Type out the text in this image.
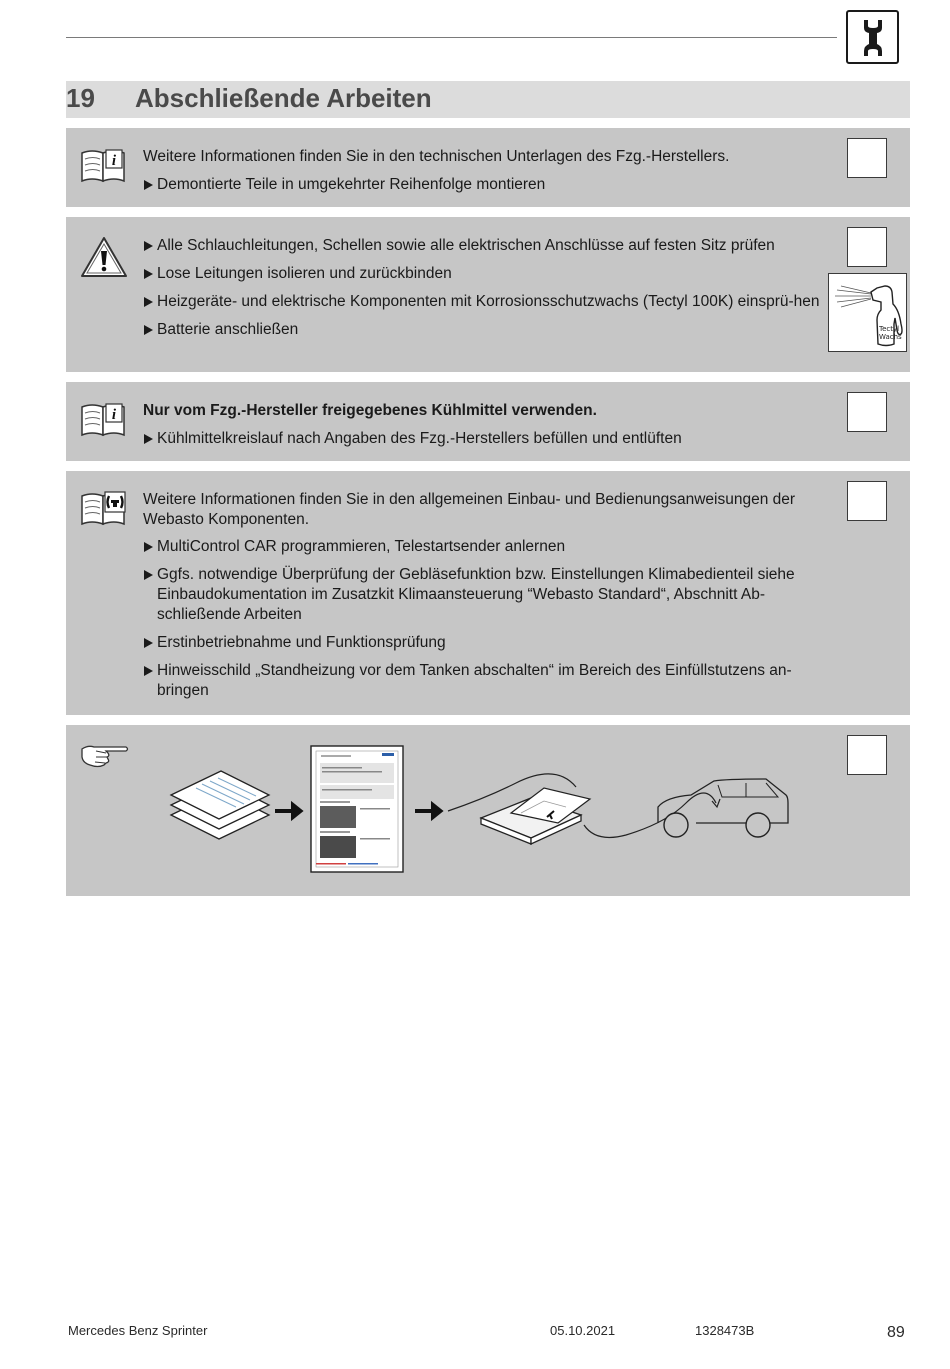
19 Abschließende Arbeiten
i Weitere Informationen finden Sie in den technischen Unterlagen des Fzg.-Herstellers.

Demontierte Teile in umgekehrter Reihenfolge montieren

Alle Schlauchleitungen, Schellen sowie alle elektrischen Anschlüsse auf festen Sitz prüfen

Lose Leitungen isolieren und zurückbinden

Heizgeräte- und elektrische Komponenten mit Korrosionsschutzwachs (Tectyl 100K) einsprü-hen

Batterie anschließen	Tectyl
Wachs
i Nur vom Fzg.-Hersteller freigegebenes Kühlmittel verwenden.

Kühlmittelkreislauf nach Angaben des Fzg.-Herstellers befüllen und entlüften

Weitere Informationen finden Sie in den allgemeinen Einbau- und Bedienungsanweisungen der Webasto Komponenten.

MultiControl CAR programmieren, Telestartsender anlernen

Ggfs. notwendige Überprüfung der Gebläsefunktion bzw. Einstellungen Klimabedienteil siehe Einbaudokumentation im Zusatzkit Klimaansteuerung “Webasto Standard“, Abschnitt Ab-schließende Arbeiten

Erstinbetriebnahme und Funktionsprüfung

Hinweisschild „Standheizung vor dem Tanken abschalten“ im Bereich des Einfüllstutzens an-bringen

Mercedes Benz Sprinter	05.10.2021	1328473B	89
